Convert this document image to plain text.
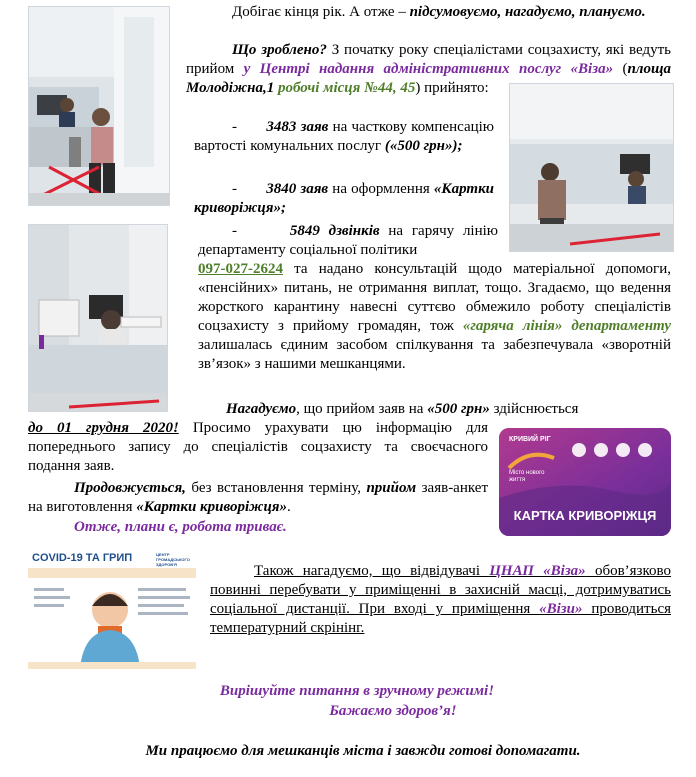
Добігає кінця рік. А отже – підсумовуємо, нагадуємо, плануємо.
Що зроблено? З початку року спеціалістами соцзахисту, які ведуть прийом у Центрі надання адміністративних послуг «Віза» (площа Молодіжна,1 робочі місця №44, 45) прийнято:
- 3483 заяв на часткову компенсацію вартості комунальних послуг («500 грн»);
- 3840 заяв на оформлення «Картки криворіжця»;
-	5849 дзвінків на гарячу лінію департаменту соціальної політики
097-027-2624 та надано консультацій щодо матеріальної допомоги, «пенсійних» питань, не отримання виплат, тощо. Згадаємо, що ведення жорсткого карантину навесні суттєво обмежило роботу спеціалістів соцзахисту з прийому громадян, тож «гаряча лінія» департаменту залишалась єдиним засобом спілкування та забезпечувала «зворотній зв’язок» з нашими мешканцями.
Нагадуємо, що прийом заяв на «500 грн» здійснюється
до 01 грудня 2020! Просимо урахувати цю інформацію для попереднього запису до спеціалістів соцзахисту та своєчасного подання заяв.
Продовжується, без встановлення терміну, прийом заяв-анкет на виготовлення «Картки криворіжця».
Отже, плани є, робота триває.
КРИВИЙ РІГ
Місто нового життя
КАРТКА КРИВОРІЖЦЯ
COVID-19 ТА ГРИП	ЦЕНТР ГРОМАДСЬКОГО ЗДОРОВ'Я	Також нагадуємо, що відвідувачі ЦНАП «Віза» обов’язково повинні перебувати у приміщенні в захисній масці, дотримуватись соціальної дистанції. При вході у приміщення «Візи» проводиться температурний скрінінг.
Вирішуйте питання в зручному режимі!
Бажаємо здоров’я!
Ми працюємо для мешканців міста і завжди готові допомагати.
